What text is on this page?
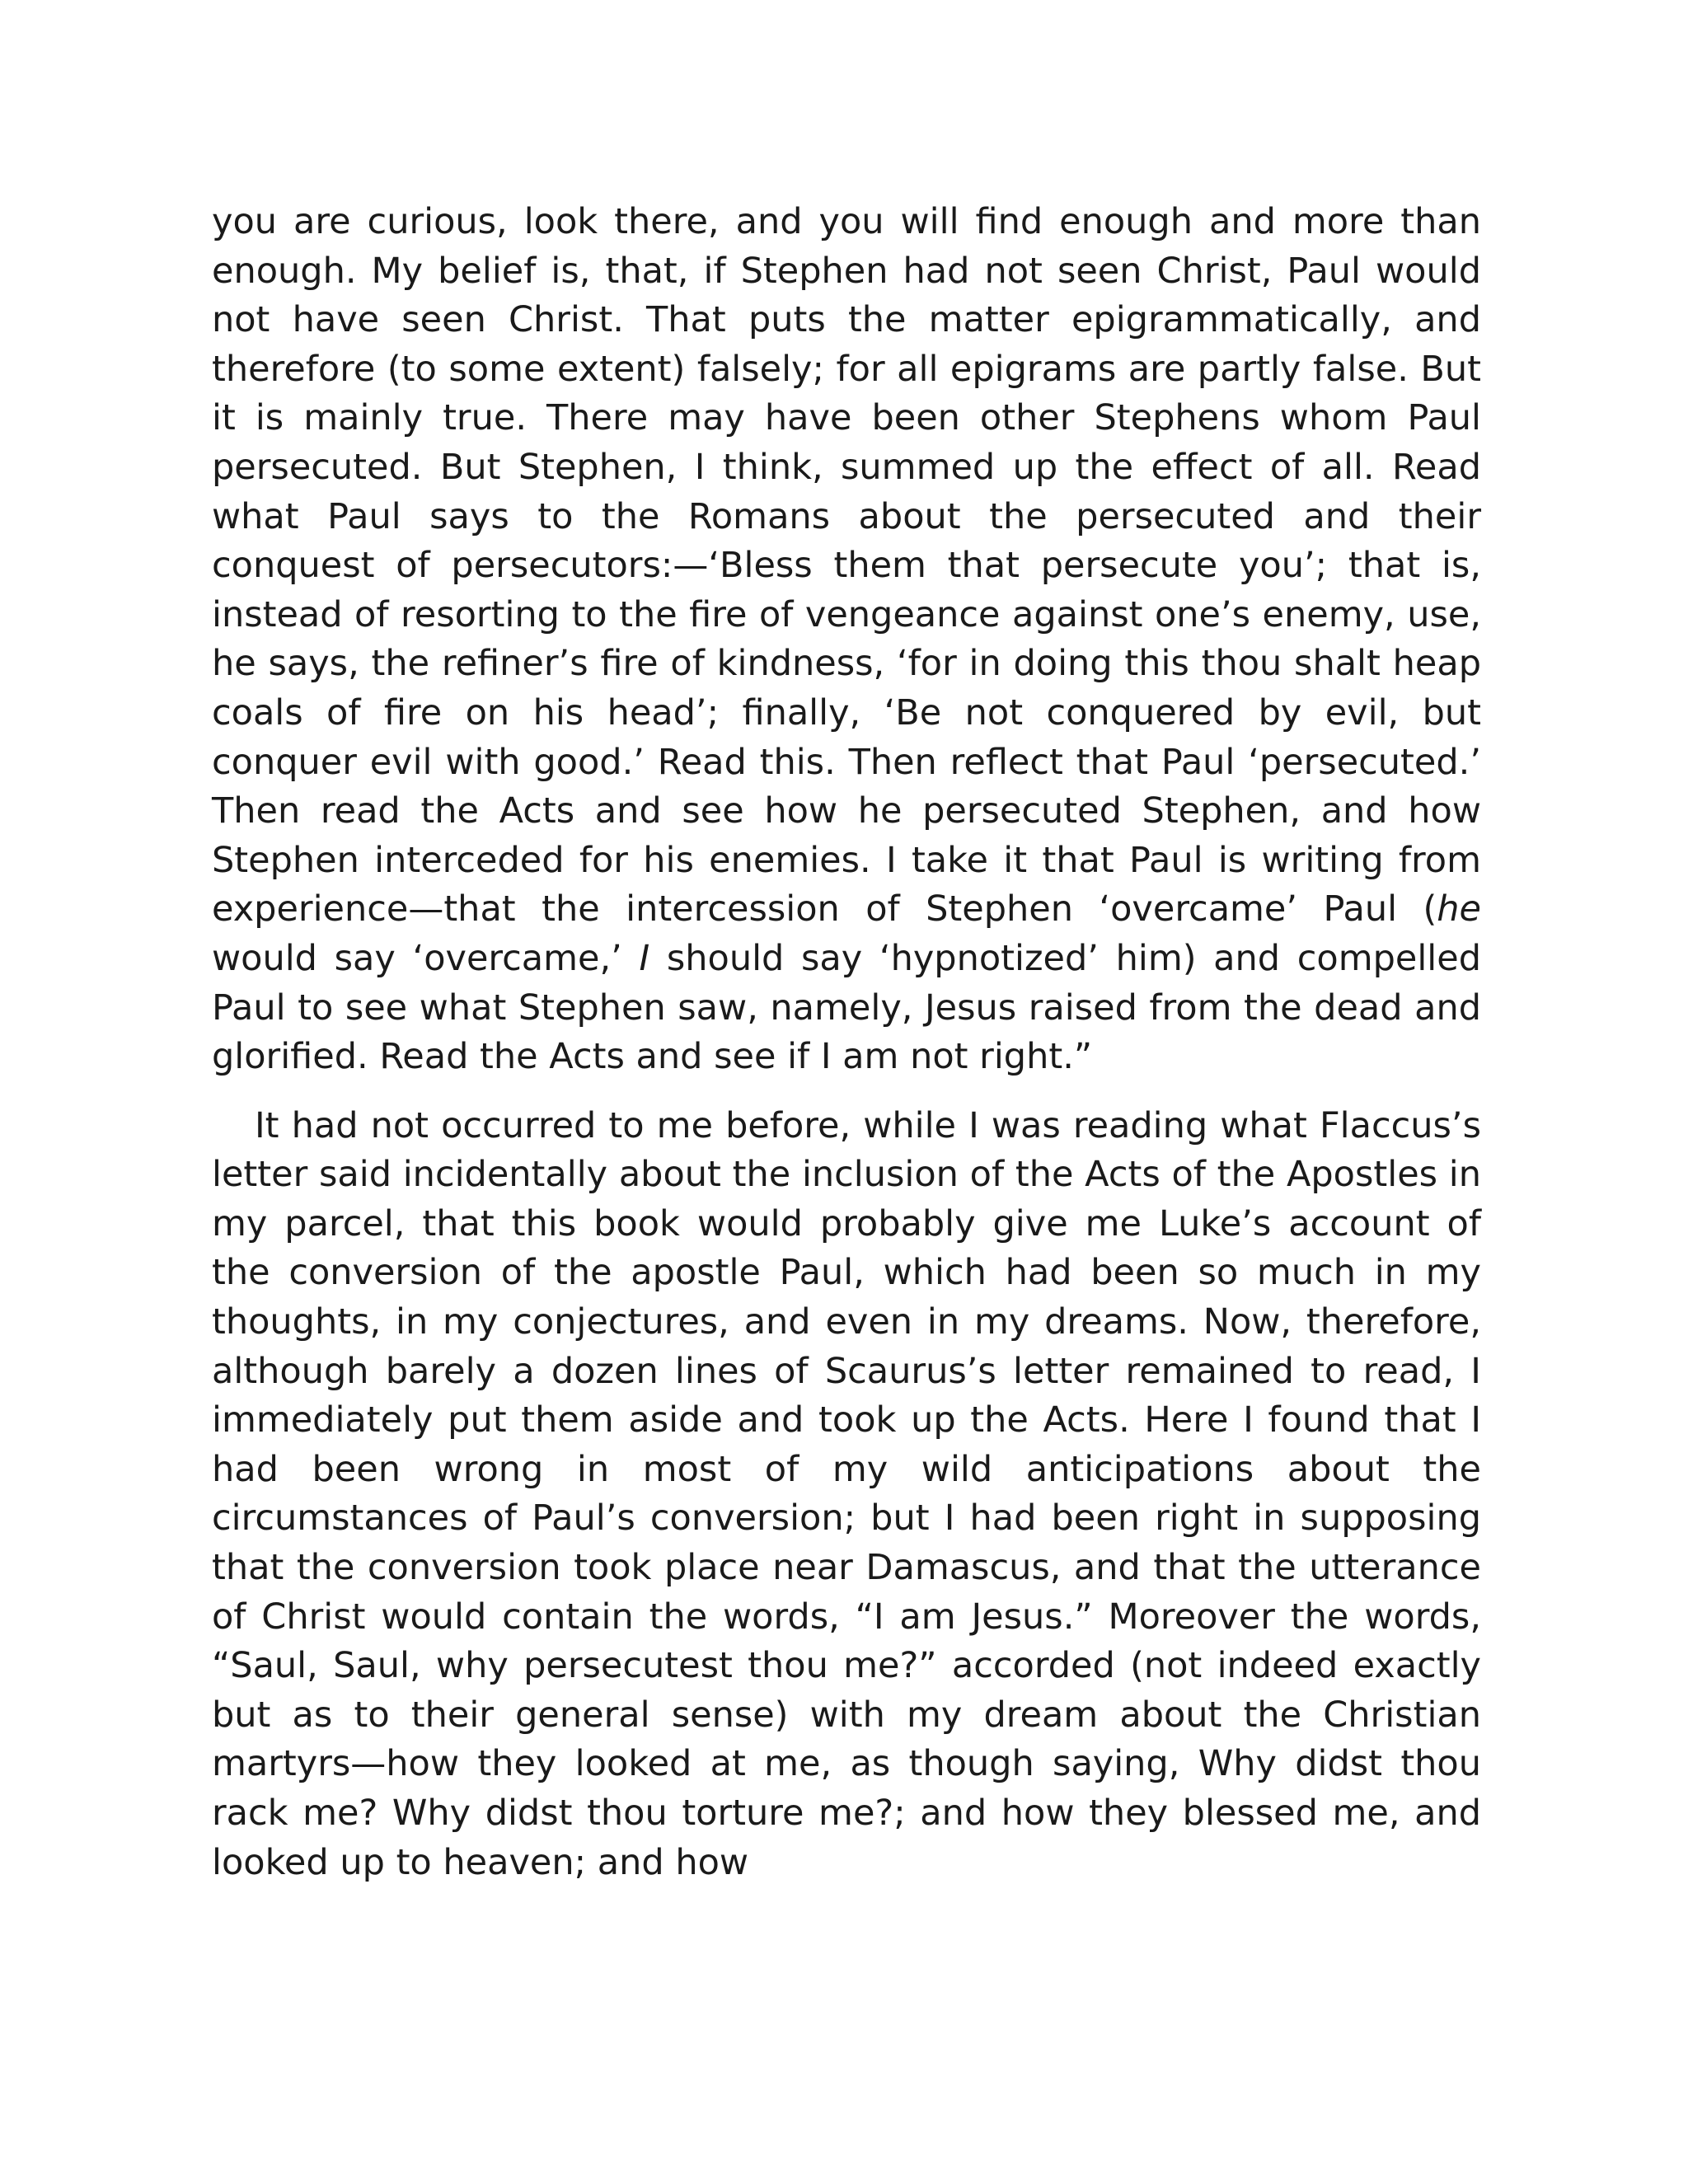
you are curious, look there, and you will find enough and more than enough. My belief is, that, if Stephen had not seen Christ, Paul would not have seen Christ. That puts the matter epigrammatically, and therefore (to some extent) falsely; for all epigrams are partly false. But it is mainly true. There may have been other Stephens whom Paul persecuted. But Stephen, I think, summed up the effect of all. Read what Paul says to the Romans about the persecuted and their conquest of persecutors:—‘Bless them that persecute you’; that is, instead of resorting to the fire of vengeance against one’s enemy, use, he says, the refiner’s fire of kindness, ‘for in doing this thou shalt heap coals of fire on his head’; finally, ‘Be not conquered by evil, but conquer evil with good.’ Read this. Then reflect that Paul ‘persecuted.’ Then read the Acts and see how he persecuted Stephen, and how Stephen interceded for his enemies. I take it that Paul is writing from experience—that the intercession of Stephen ‘overcame’ Paul (he would say ‘overcame,’ I should say ‘hypnotized’ him) and compelled Paul to see what Stephen saw, namely, Jesus raised from the dead and glorified. Read the Acts and see if I am not right.”

It had not occurred to me before, while I was reading what Flaccus’s letter said incidentally about the inclusion of the Acts of the Apostles in my parcel, that this book would probably give me Luke’s account of the conversion of the apostle Paul, which had been so much in my thoughts, in my conjectures, and even in my dreams. Now, therefore, although barely a dozen lines of Scaurus’s letter remained to read, I immediately put them aside and took up the Acts. Here I found that I had been wrong in most of my wild anticipations about the circumstances of Paul’s conversion; but I had been right in supposing that the conversion took place near Damascus, and that the utterance of Christ would contain the words, “I am Jesus.” Moreover the words, “Saul, Saul, why persecutest thou me?” accorded (not indeed exactly but as to their general sense) with my dream about the Christian martyrs—how they looked at me, as though saying, Why didst thou rack me? Why didst thou torture me?; and how they blessed me, and looked up to heaven; and how
